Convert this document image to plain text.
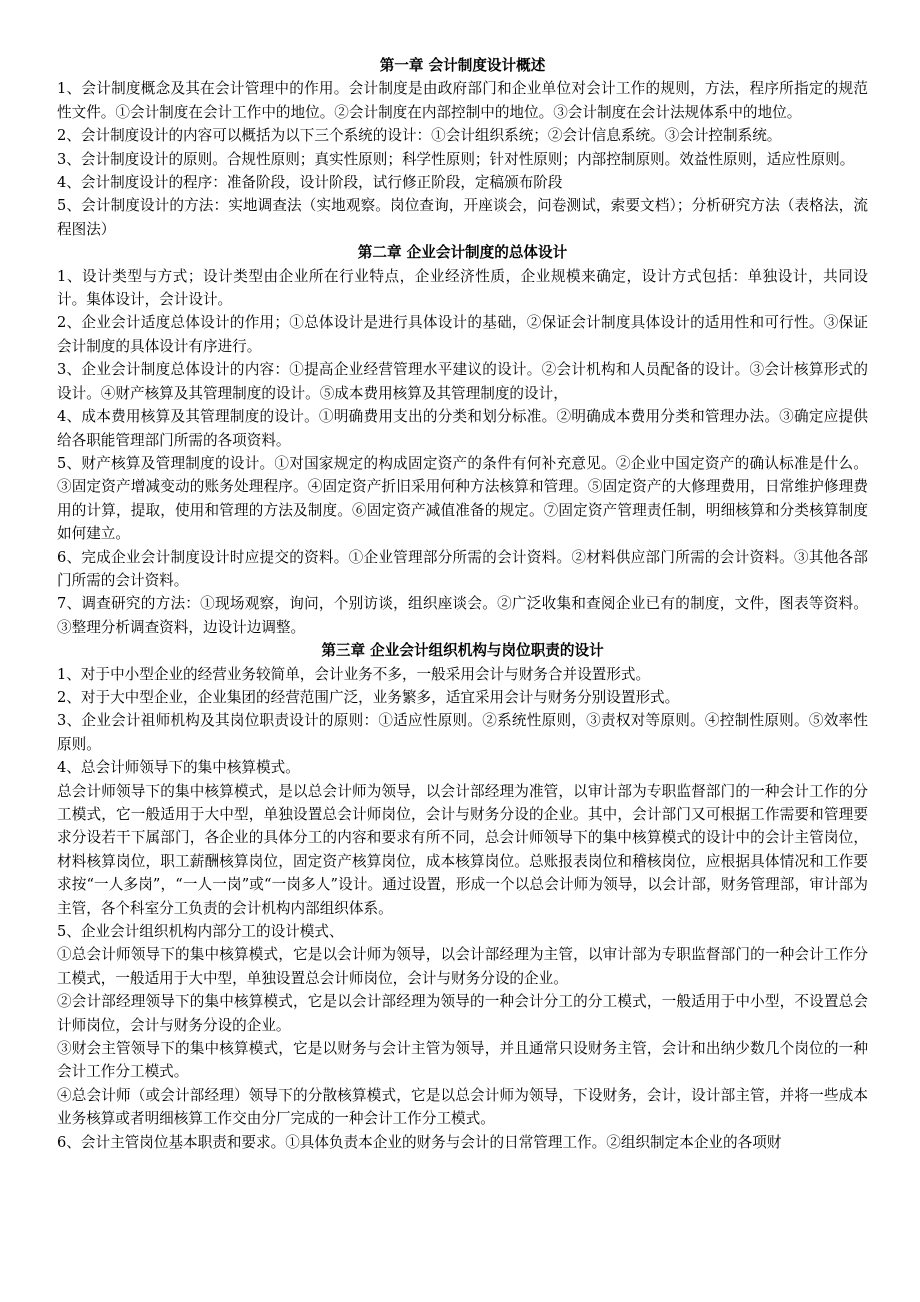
第一章 会计制度设计概述
1、会计制度概念及其在会计管理中的作用。会计制度是由政府部门和企业单位对会计工作的规则，方法，程序所指定的规范性文件。①会计制度在会计工作中的地位。②会计制度在内部控制中的地位。③会计制度在会计法规体系中的地位。
2、会计制度设计的内容可以概括为以下三个系统的设计：①会计组织系统；②会计信息系统。③会计控制系统。
3、会计制度设计的原则。合规性原则；真实性原则；科学性原则；针对性原则；内部控制原则。效益性原则，适应性原则。
4、会计制度设计的程序：准备阶段，设计阶段，试行修正阶段，定稿颁布阶段
5、会计制度设计的方法：实地调查法（实地观察。岗位查询，开座谈会，问卷测试，索要文档）；分析研究方法（表格法，流程图法）
第二章 企业会计制度的总体设计
1、设计类型与方式；设计类型由企业所在行业特点，企业经济性质，企业规模来确定，设计方式包括：单独设计，共同设计。集体设计，会计设计。
2、企业会计适度总体设计的作用；①总体设计是进行具体设计的基础，②保证会计制度具体设计的适用性和可行性。③保证会计制度的具体设计有序进行。
3、企业会计制度总体设计的内容：①提高企业经营管理水平建议的设计。②会计机构和人员配备的设计。③会计核算形式的设计。④财产核算及其管理制度的设计。⑤成本费用核算及其管理制度的设计，
4、成本费用核算及其管理制度的设计。①明确费用支出的分类和划分标准。②明确成本费用分类和管理办法。③确定应提供给各职能管理部门所需的各项资料。
5、财产核算及管理制度的设计。①对国家规定的构成固定资产的条件有何补充意见。②企业中国定资产的确认标准是什么。③固定资产增减变动的账务处理程序。④固定资产折旧采用何种方法核算和管理。⑤固定资产的大修理费用，日常维护修理费用的计算，提取，使用和管理的方法及制度。⑥固定资产减值准备的规定。⑦固定资产管理责任制，明细核算和分类核算制度如何建立。
6、完成企业会计制度设计时应提交的资料。①企业管理部分所需的会计资料。②材料供应部门所需的会计资料。③其他各部门所需的会计资料。
7、调查研究的方法：①现场观察，询问，个别访谈，组织座谈会。②广泛收集和查阅企业已有的制度，文件，图表等资料。③整理分析调查资料，边设计边调整。
第三章 企业会计组织机构与岗位职责的设计
1、对于中小型企业的经营业务较简单，会计业务不多，一般采用会计与财务合并设置形式。
2、对于大中型企业，企业集团的经营范围广泛，业务繁多，适宜采用会计与财务分别设置形式。
3、企业会计祖师机构及其岗位职责设计的原则：①适应性原则。②系统性原则，③责权对等原则。④控制性原则。⑤效率性原则。
4、总会计师领导下的集中核算模式。
总会计师领导下的集中核算模式，是以总会计师为领导，以会计部经理为准管，以审计部为专职监督部门的一种会计工作的分工模式，它一般适用于大中型，单独设置总会计师岗位，会计与财务分设的企业。其中，会计部门又可根据工作需要和管理要求分设若干下属部门，各企业的具体分工的内容和要求有所不同，总会计师领导下的集中核算模式的设计中的会计主管岗位，材料核算岗位，职工薪酬核算岗位，固定资产核算岗位，成本核算岗位。总账报表岗位和稽核岗位，应根据具体情况和工作要求按“一人多岗”，“一人一岗”或“一岗多人”设计。通过设置，形成一个以总会计师为领导，以会计部，财务管理部，审计部为主管，各个科室分工负责的会计机构内部组织体系。
5、企业会计组织机构内部分工的设计模式、
①总会计师领导下的集中核算模式，它是以会计师为领导，以会计部经理为主管，以审计部为专职监督部门的一种会计工作分工模式，一般适用于大中型，单独设置总会计师岗位，会计与财务分设的企业。
②会计部经理领导下的集中核算模式，它是以会计部经理为领导的一种会计分工的分工模式，一般适用于中小型，不设置总会计师岗位，会计与财务分设的企业。
③财会主管领导下的集中核算模式，它是以财务与会计主管为领导，并且通常只设财务主管，会计和出纳少数几个岗位的一种会计工作分工模式。
④总会计师（或会计部经理）领导下的分散核算模式，它是以总会计师为领导，下设财务，会计，设计部主管，并将一些成本业务核算或者明细核算工作交由分厂完成的一种会计工作分工模式。
6、会计主管岗位基本职责和要求。①具体负责本企业的财务与会计的日常管理工作。②组织制定本企业的各项财
